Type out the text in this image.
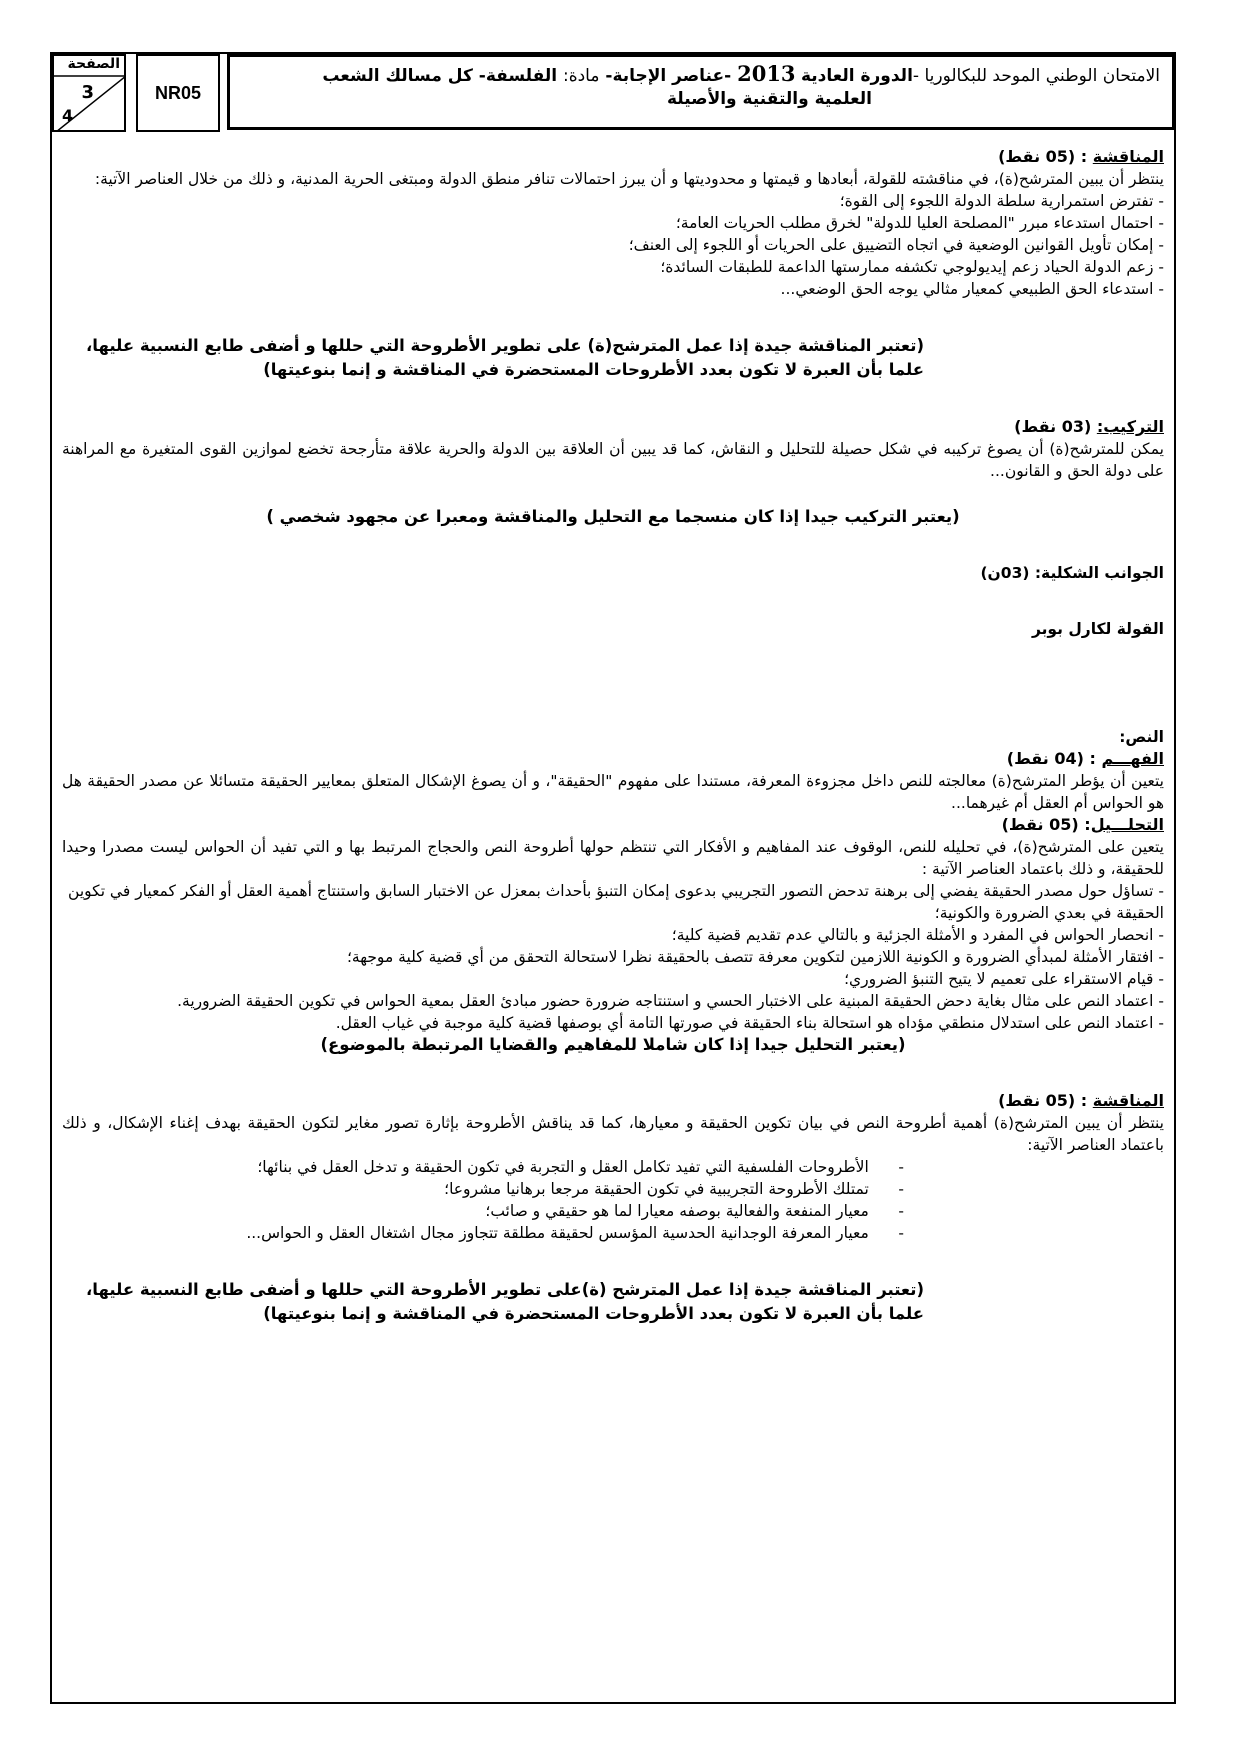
الصفحة
3
4
NR05
الامتحان الوطني الموحد للبكالوريا -الدورة العادية 2013 -عناصر الإجابة- مادة: الفلسفة- كل مسالك الشعب
العلمية والتقنية والأصيلة
المناقشة : (05 نقط)

ينتظر أن يبين المترشح(ة)، في مناقشته للقولة، أبعادها و قيمتها و محدوديتها و أن يبرز احتمالات تنافر منطق الدولة ومبتغى الحرية المدنية، و ذلك من خلال العناصر الآتية:

- تفترض استمرارية سلطة الدولة اللجوء إلى القوة؛
- احتمال استدعاء مبرر "المصلحة العليا للدولة" لخرق مطلب الحريات العامة؛
- إمكان تأويل القوانين الوضعية في اتجاه التضييق على الحريات أو اللجوء إلى العنف؛
- زعم الدولة الحياد زعم إيديولوجي تكشفه ممارستها الداعمة للطبقات السائدة؛
- استدعاء الحق الطبيعي كمعيار مثالي يوجه الحق الوضعي...
(تعتبر المناقشة جيدة إذا عمل المترشح(ة) على تطوير الأطروحة التي حللها و أضفى طابع النسبية عليها، علما بأن العبرة لا تكون بعدد الأطروحات المستحضرة في المناقشة و إنما بنوعيتها)
التركيب: (03 نقط)

يمكن للمترشح(ة) أن يصوغ تركيبه في شكل حصيلة للتحليل و النقاش، كما قد يبين أن العلاقة بين الدولة والحرية علاقة متأرجحة تخضع لموازين القوى المتغيرة مع المراهنة على دولة الحق و القانون...

(يعتبر التركيب جيدا إذا كان منسجما مع التحليل والمناقشة ومعبرا عن مجهود شخصي )
الجوانب الشكلية: (03ن)
القولة لكارل بوبر
النص:
الفهـــم : (04 نقط)

يتعين أن يؤطر المترشح(ة) معالجته للنص داخل مجزوءة المعرفة، مستندا على مفهوم "الحقيقة"، و أن يصوغ الإشكال المتعلق بمعايير الحقيقة متسائلا عن مصدر الحقيقة هل هو الحواس أم العقل أم غيرهما...

التحلـــيل: (05 نقط)

يتعين على المترشح(ة)، في تحليله للنص، الوقوف عند المفاهيم و الأفكار التي تنتظم حولها أطروحة النص والحجاج المرتبط بها و التي تفيد أن الحواس ليست مصدرا وحيدا للحقيقة، و ذلك باعتماد العناصر الآتية :

- تساؤل حول مصدر الحقيقة يفضي إلى برهنة تدحض التصور التجريبي بدعوى إمكان التنبؤ بأحداث بمعزل عن الاختبار السابق واستنتاج أهمية العقل أو الفكر كمعيار في تكوين الحقيقة في بعدي الضرورة والكونية؛
- انحصار الحواس في المفرد و الأمثلة الجزئية و بالتالي عدم تقديم قضية كلية؛
- افتقار الأمثلة لمبدأي الضرورة و الكونية اللازمين لتكوين معرفة تتصف بالحقيقة نظرا لاستحالة التحقق من أي قضية كلية موجهة؛
- قيام الاستقراء على تعميم لا يتيح التنبؤ الضروري؛
- اعتماد النص على مثال بغاية دحض الحقيقة المبنية على الاختبار الحسي و استنتاجه ضرورة حضور مبادئ العقل بمعية الحواس في تكوين الحقيقة الضرورية.
- اعتماد النص على استدلال منطقي مؤداه هو استحالة بناء الحقيقة في صورتها التامة أي بوصفها قضية كلية موجبة في غياب العقل.
(يعتبر التحليل جيدا إذا كان شاملا للمفاهيم والقضايا المرتبطة بالموضوع)
المناقشة : (05 نقط)

ينتظر أن يبين المترشح(ة) أهمية أطروحة النص في بيان تكوين الحقيقة و معيارها، كما قد يناقش الأطروحة بإثارة تصور مغاير لتكون الحقيقة بهدف إغناء الإشكال، و ذلك باعتماد العناصر الآتية:

-      الأطروحات الفلسفية التي تفيد تكامل العقل و التجربة في تكون الحقيقة و تدخل العقل في بنائها؛
-      تمتلك الأطروحة التجريبية في تكون الحقيقة مرجعا برهانيا مشروعا؛
-      معيار المنفعة والفعالية بوصفه معيارا لما هو حقيقي و صائب؛
-      معيار المعرفة الوجدانية الحدسية المؤسس لحقيقة مطلقة تتجاوز مجال اشتغال العقل و الحواس...
(تعتبر المناقشة جيدة إذا عمل المترشح (ة)على تطوير الأطروحة التي حللها و أضفى طابع النسبية عليها، علما بأن العبرة لا تكون بعدد الأطروحات المستحضرة في المناقشة و إنما بنوعيتها)
